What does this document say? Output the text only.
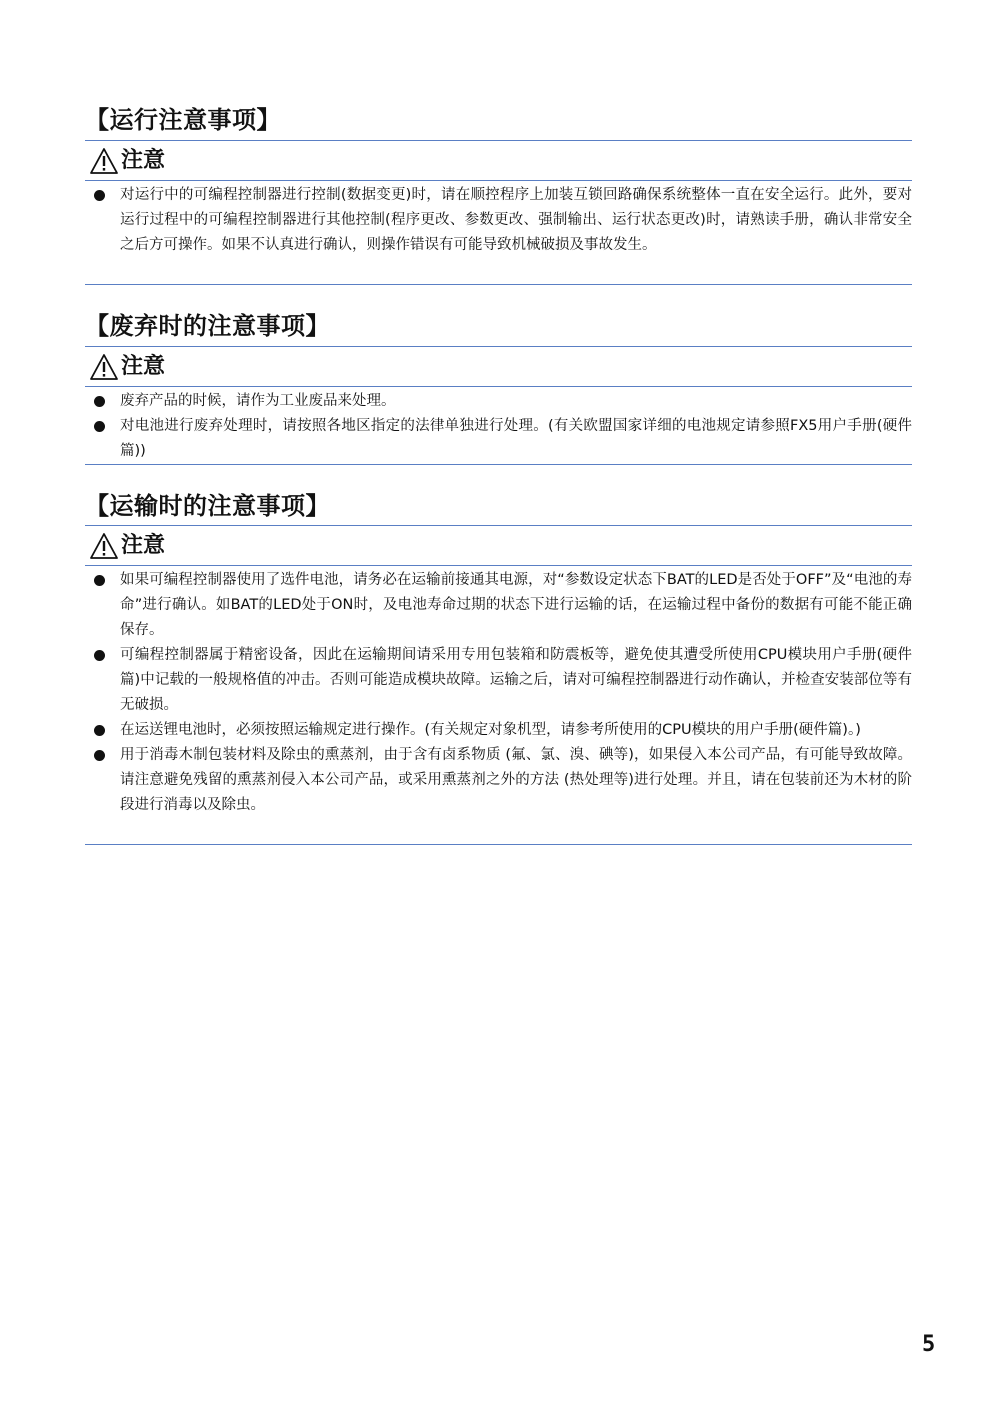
【运行注意事项】
注意
对运行中的可编程控制器进行控制(数据变更)时，请在顺控程序上加装互锁回路确保系统整体一直在安全运行。此外，要对运行过程中的可编程控制器进行其他控制(程序更改、参数更改、强制输出、运行状态更改)时，请熟读手册，确认非常安全之后方可操作。如果不认真进行确认，则操作错误有可能导致机械破损及事故发生。
【废弃时的注意事项】
注意
废弃产品的时候，请作为工业废品来处理。
对电池进行废弃处理时，请按照各地区指定的法律单独进行处理。(有关欧盟国家详细的电池规定请参照FX5用户手册(硬件篇))
【运输时的注意事项】
注意
如果可编程控制器使用了选件电池，请务必在运输前接通其电源，对“参数设定状态下BAT的LED是否处于OFF”及“电池的寿命”进行确认。如BAT的LED处于ON时，及电池寿命过期的状态下进行运输的话，在运输过程中备份的数据有可能不能正确保存。
可编程控制器属于精密设备，因此在运输期间请采用专用包装箱和防震板等，避免使其遭受所使用CPU模块用户手册(硬件篇)中记载的一般规格值的冲击。否则可能造成模块故障。运输之后，请对可编程控制器进行动作确认，并检查安装部位等有无破损。
在运送锂电池时，必须按照运输规定进行操作。(有关规定对象机型，请参考所使用的CPU模块的用户手册(硬件篇)。)
用于消毒木制包装材料及除虫的熏蒸剂，由于含有卤系物质 (氟、氯、溴、碘等)，如果侵入本公司产品，有可能导致故障。请注意避免残留的熏蒸剂侵入本公司产品，或采用熏蒸剂之外的方法 (热处理等)进行处理。并且，请在包装前还为木材的阶段进行消毒以及除虫。
5
